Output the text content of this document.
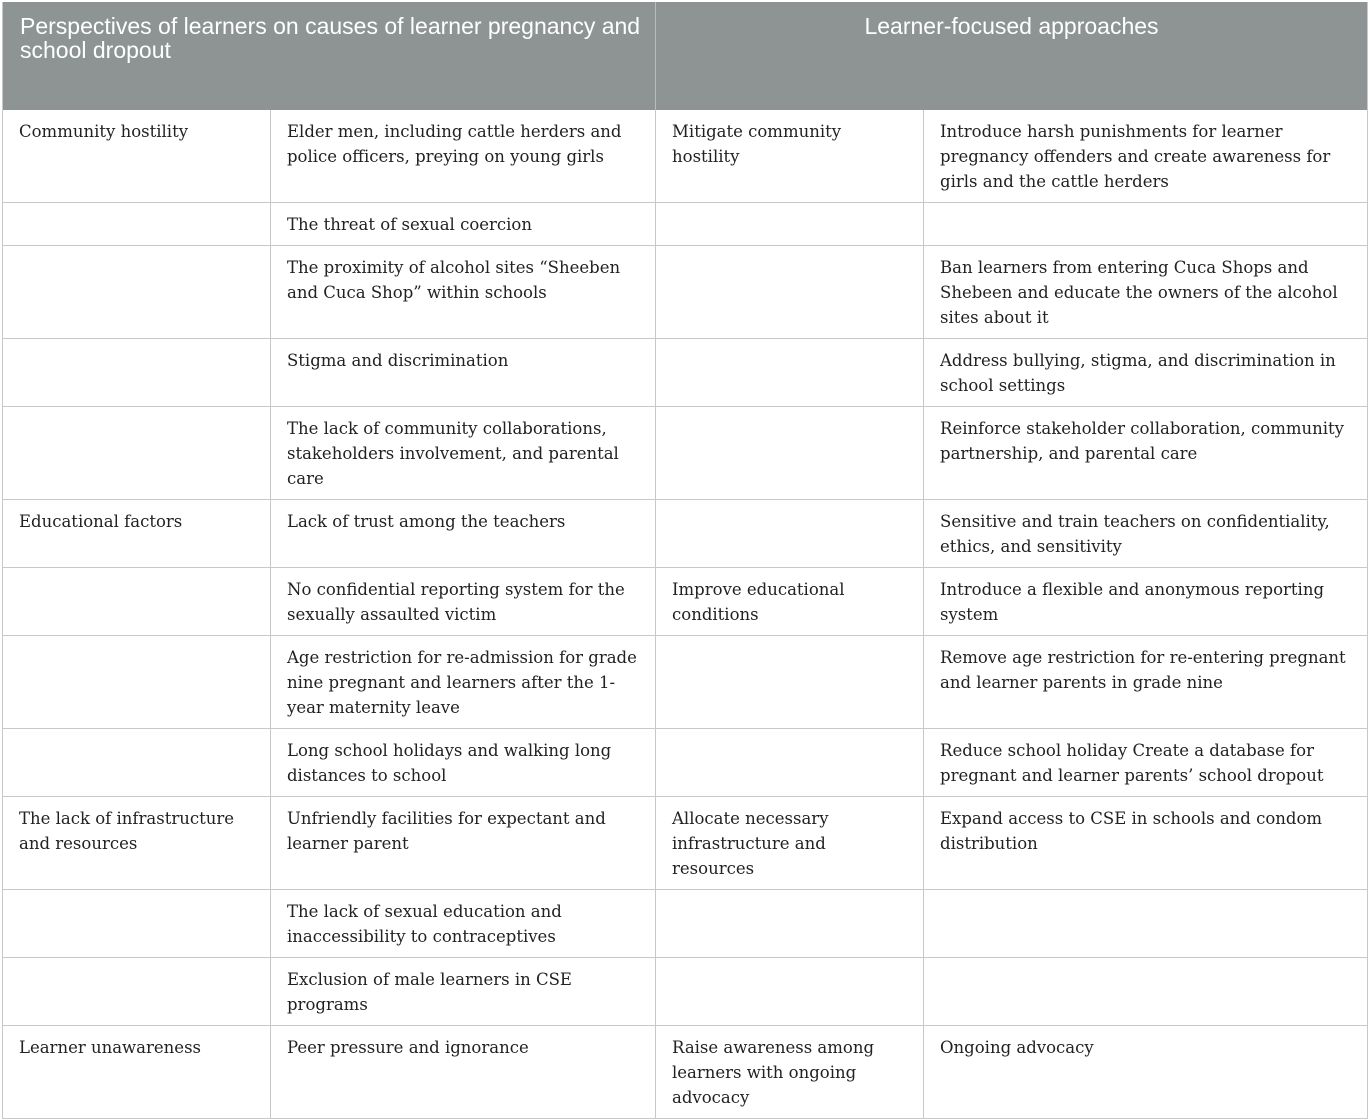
Perspectives of learners on causes of learner pregnancy and school dropout		Learner-focused approaches	
Community hostility	Elder men, including cattle herders and police officers, preying on young girls	Mitigate community hostility	Introduce harsh punishments for learner pregnancy offenders and create awareness for girls and the cattle herders
	The threat of sexual coercion		
	The proximity of alcohol sites “Sheeben and Cuca Shop” within schools		Ban learners from entering Cuca Shops and Shebeen and educate the owners of the alcohol sites about it
	Stigma and discrimination		Address bullying, stigma, and discrimination in school settings
	The lack of community collaborations, stakeholders involvement, and parental care		Reinforce stakeholder collaboration, community partnership, and parental care
Educational factors	Lack of trust among the teachers		Sensitive and train teachers on confidentiality, ethics, and sensitivity
	No confidential reporting system for the sexually assaulted victim	Improve educational conditions	Introduce a flexible and anonymous reporting system
	Age restriction for re-admission for grade nine pregnant and learners after the 1-year maternity leave		Remove age restriction for re-entering pregnant and learner parents in grade nine
	Long school holidays and walking long distances to school		Reduce school holiday Create a database for pregnant and learner parents’ school dropout
The lack of infrastructure and resources	Unfriendly facilities for expectant and learner parent	Allocate necessary infrastructure and resources	Expand access to CSE in schools and condom distribution
	The lack of sexual education and inaccessibility to contraceptives		
	Exclusion of male learners in CSE programs		
Learner unawareness	Peer pressure and ignorance	Raise awareness among learners with ongoing advocacy	Ongoing advocacy
